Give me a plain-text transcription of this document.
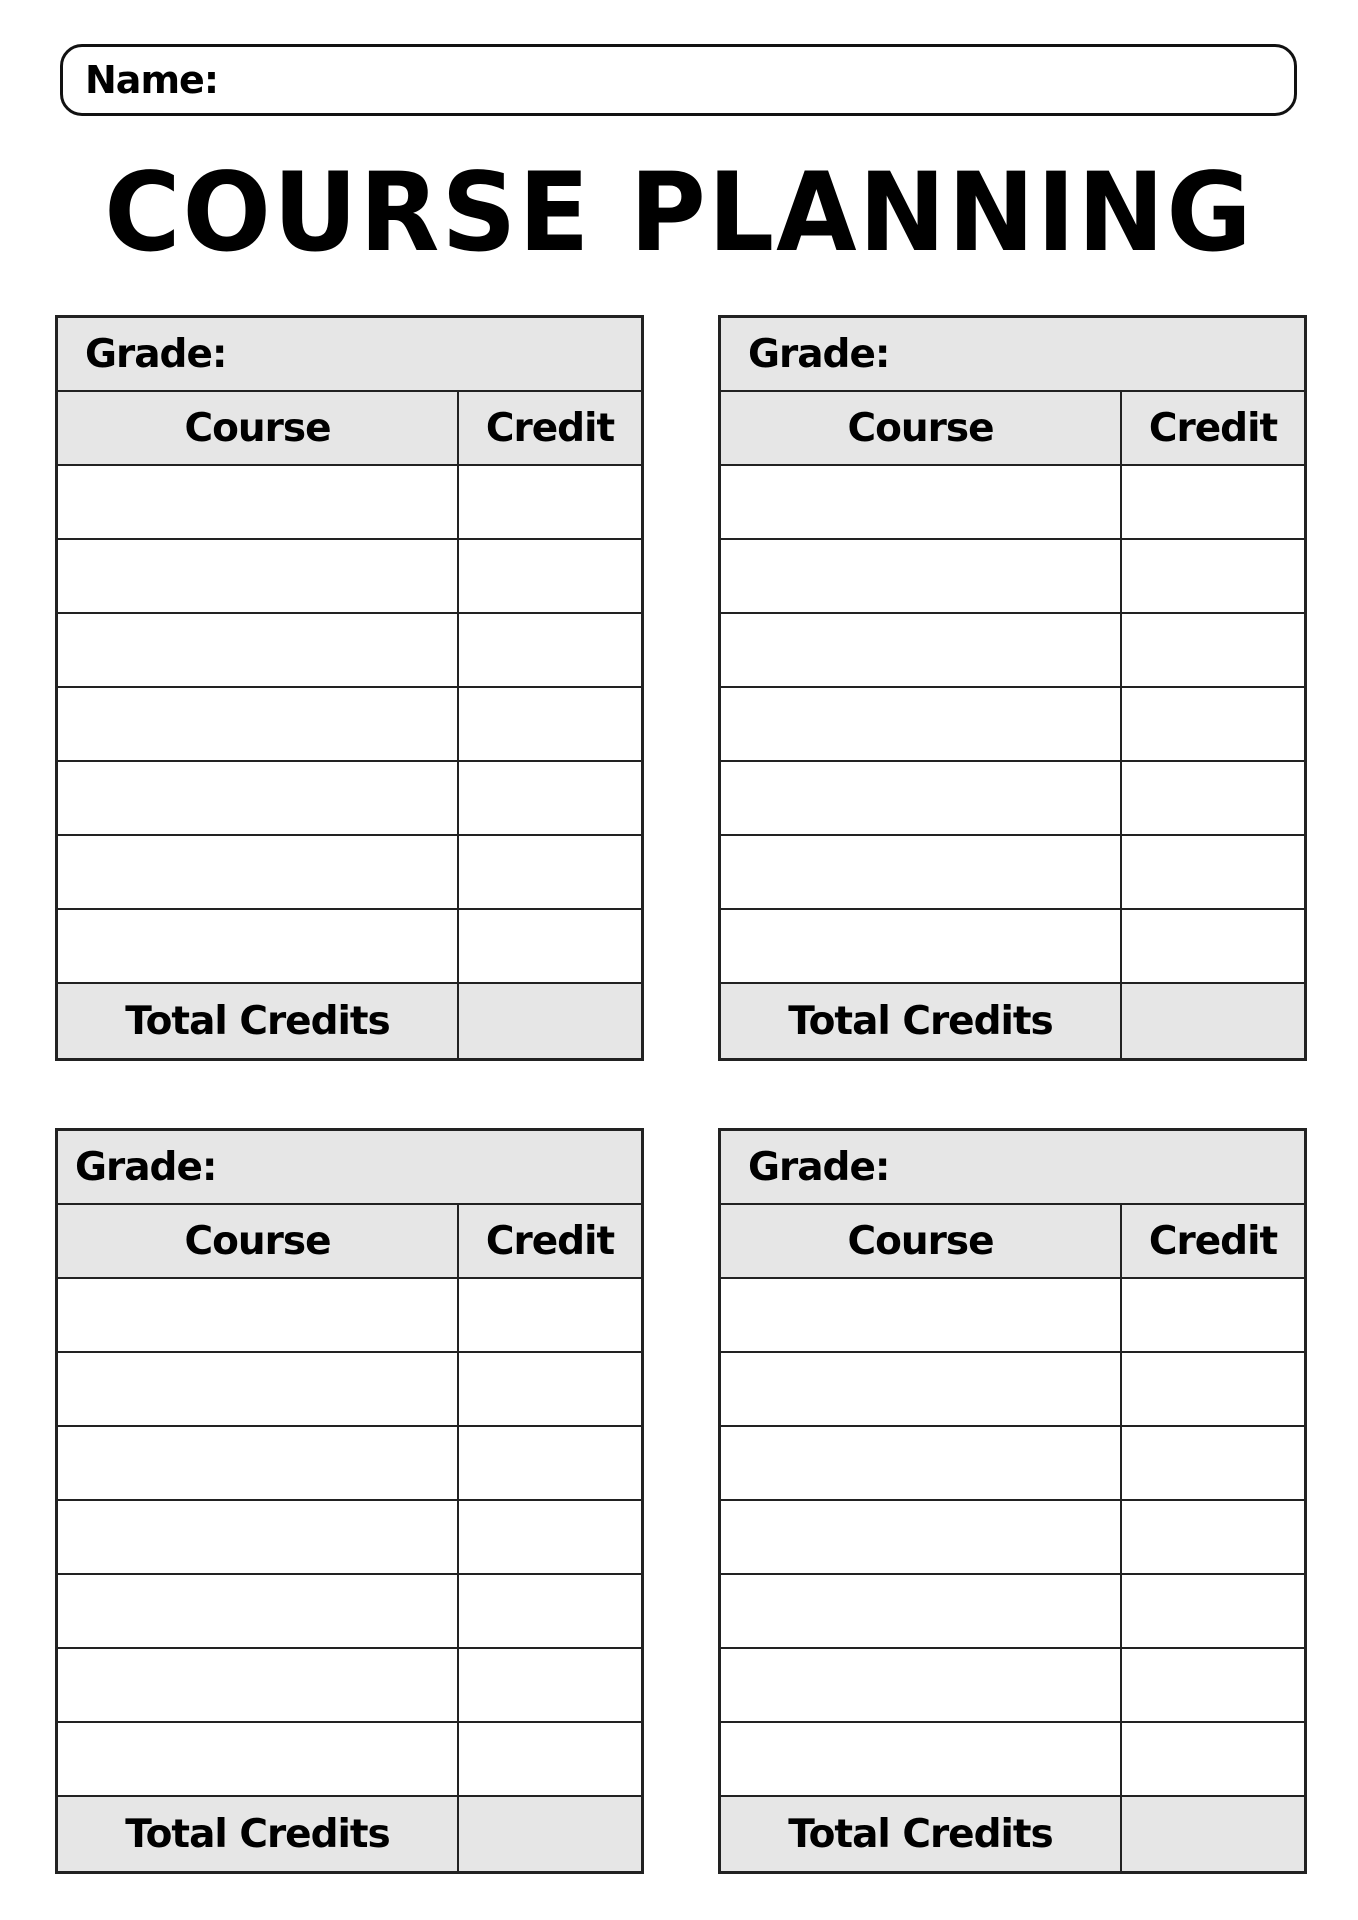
Name:
COURSE PLANNING
Grade:
Course	Credit
Total Credits
Grade:
Course	Credit
Total Credits
Grade:
Course	Credit
Total Credits
Grade:
Course	Credit
Total Credits
